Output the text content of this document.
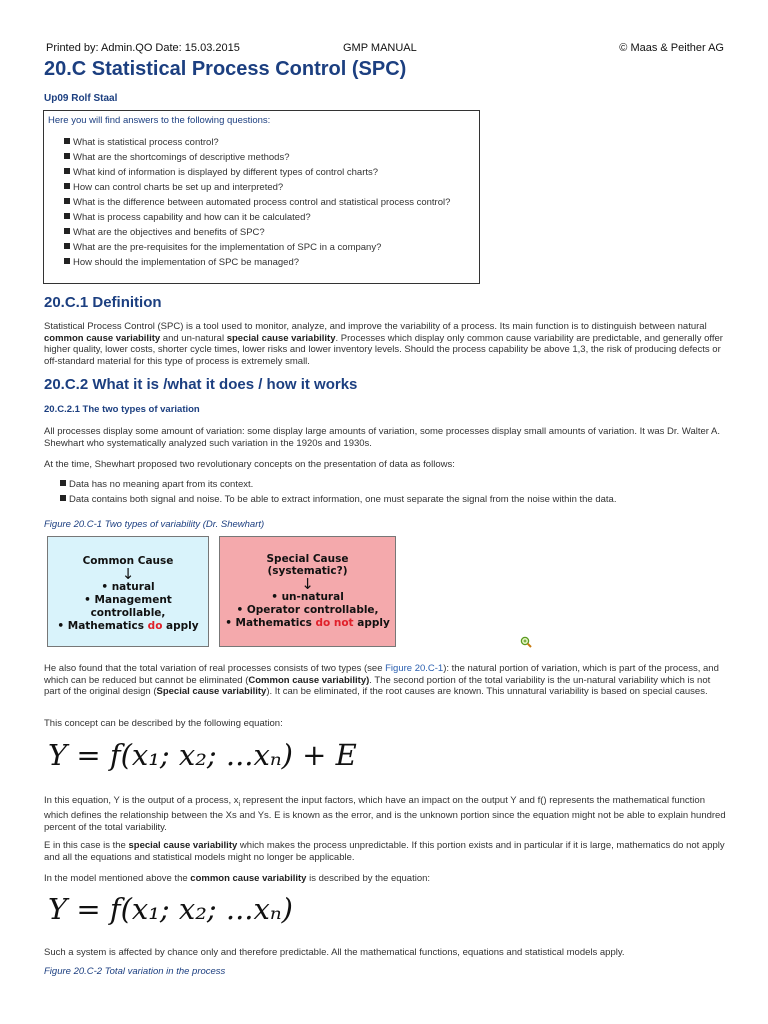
Printed by: Admin.QO Date: 15.03.2015	GMP MANUAL	© Maas & Peither AG
20.C Statistical Process Control (SPC)
Up09 Rolf Staal
Here you will find answers to the following questions:
What is statistical process control?
What are the shortcomings of descriptive methods?
What kind of information is displayed by different types of control charts?
How can control charts be set up and interpreted?
What is the difference between automated process control and statistical process control?
What is process capability and how can it be calculated?
What are the objectives and benefits of SPC?
What are the pre-requisites for the implementation of SPC in a company?
How should the implementation of SPC be managed?
20.C.1 Definition
Statistical Process Control (SPC) is a tool used to monitor, analyze, and improve the variability of a process. Its main function is to distinguish between natural common cause variability and un-natural special cause variability. Processes which display only common cause variability are predictable, and generally offer higher quality, lower costs, shorter cycle times, lower risks and lower inventory levels. Should the process capability be above 1,3, the risk of producing defects or off-standard material for this type of process is extremely small.
20.C.2 What it is /what it does / how it works
20.C.2.1 The two types of variation
All processes display some amount of variation: some display large amounts of variation, some processes display small amounts of variation. It was Dr. Walter A. Shewhart who systematically analyzed such variation in the 1920s and 1930s.
At the time, Shewhart proposed two revolutionary concepts on the presentation of data as follows:
Data has no meaning apart from its context.
Data contains both signal and noise. To be able to extract information, one must separate the signal from the noise within the data.
Figure 20.C-1 Two types of variability (Dr. Shewhart)
Common Cause
↓
• natural
• Management controllable,
• Mathematics do apply
Special Cause
(systematic?)
↓
• un-natural
• Operator controllable,
• Mathematics do not apply
He also found that the total variation of real processes consists of two types (see Figure 20.C-1): the natural portion of variation, which is part of the process, and which can be reduced but cannot be eliminated (Common cause variability). The second portion of the total variability is the un-natural variability which is not part of the original design (Special cause variability). It can be eliminated, if the root causes are known. This unnatural variability is based on special causes.
This concept can be described by the following equation:
Y = f(x₁; x₂; ...xₙ) + E
In this equation, Y is the output of a process, $x_i$ represent the input factors, which have an impact on the output Y and f() represents the mathematical function which defines the relationship between the Xs and Ys. E is known as the error, and is the unknown portion since the equation might not be able to explain hundred percent of the total variability.
E in this case is the special cause variability which makes the process unpredictable. If this portion exists and in particular if it is large, mathematics do not apply and all the equations and statistical models might no longer be applicable.
In the model mentioned above the common cause variability is described by the equation:
Y = f(x₁; x₂; ...xₙ)
Such a system is affected by chance only and therefore predictable. All the mathematical functions, equations and statistical models apply.
Figure 20.C-2 Total variation in the process
